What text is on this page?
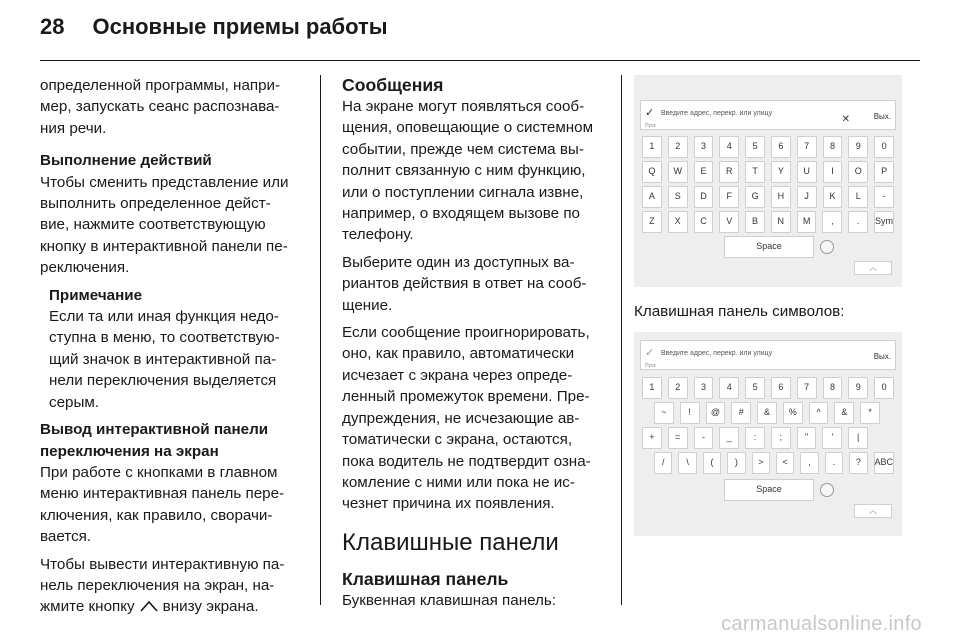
28 Основные приемы работы

определенной программы, напри-
мер, запускать сеанс распознава-
ния речи.

Выполнение действий

Чтобы сменить представление или
выполнить определенное дейст-
вие, нажмите соответствующую
кнопку в интерактивной панели пе-
реключения.

Примечание

Если та или иная функция недо-
ступна в меню, то соответствую-
щий значок в интерактивной па-
нели переключения выделяется
серым.

Вывод интерактивной панели
переключения на экран

При работе с кнопками в главном
меню интерактивная панель пере-
ключения, как правило, сворачи-
вается.

Чтобы вывести интерактивную па-
нель переключения на экран, на-
жмите кнопку внизу экрана.

Сообщения

На экране могут появляться сооб-
щения, оповещающие о системном
событии, прежде чем система вы-
полнит связанную с ним функцию,
или о поступлении сигнала извне,
например, о входящем вызове по
телефону.

Выберите один из доступных ва-
риантов действия в ответ на сооб-
щение.

Если сообщение проигнорировать,
оно, как правило, автоматически
исчезает с экрана через опреде-
ленный промежуток времени. Пре-
дупреждения, не исчезающие ав-
томатически с экрана, остаются,
пока водитель не подтвердит озна-
комление с ними или пока не ис-
чезнет причина их появления.

Клавишные панели

Клавишная панель

Буквенная клавишная панель:

✓ Введите адрес, перекр. или улицу
Пуск
✕	Вых.
1	2	3	4	5	6	7	8	9	0
Q	W	E	R	T	Y	U	I	O	P
A	S	D	F	G	H	J	K	L	-
Z	X	C	V	B	N	M	,	.	Sym
Space
︿

Клавишная панель символов:

✓ Введите адрес, перекр. или улицу
Пуск
Вых.
1	2	3	4	5	6	7	8	9	0
~	!	@	#	&	%	^	&	*
+	=	-	_	:	;	"	'	|
/	\	(	)	>	<	,	.	?	ABC
Space
︿
carmanualsonline.info
